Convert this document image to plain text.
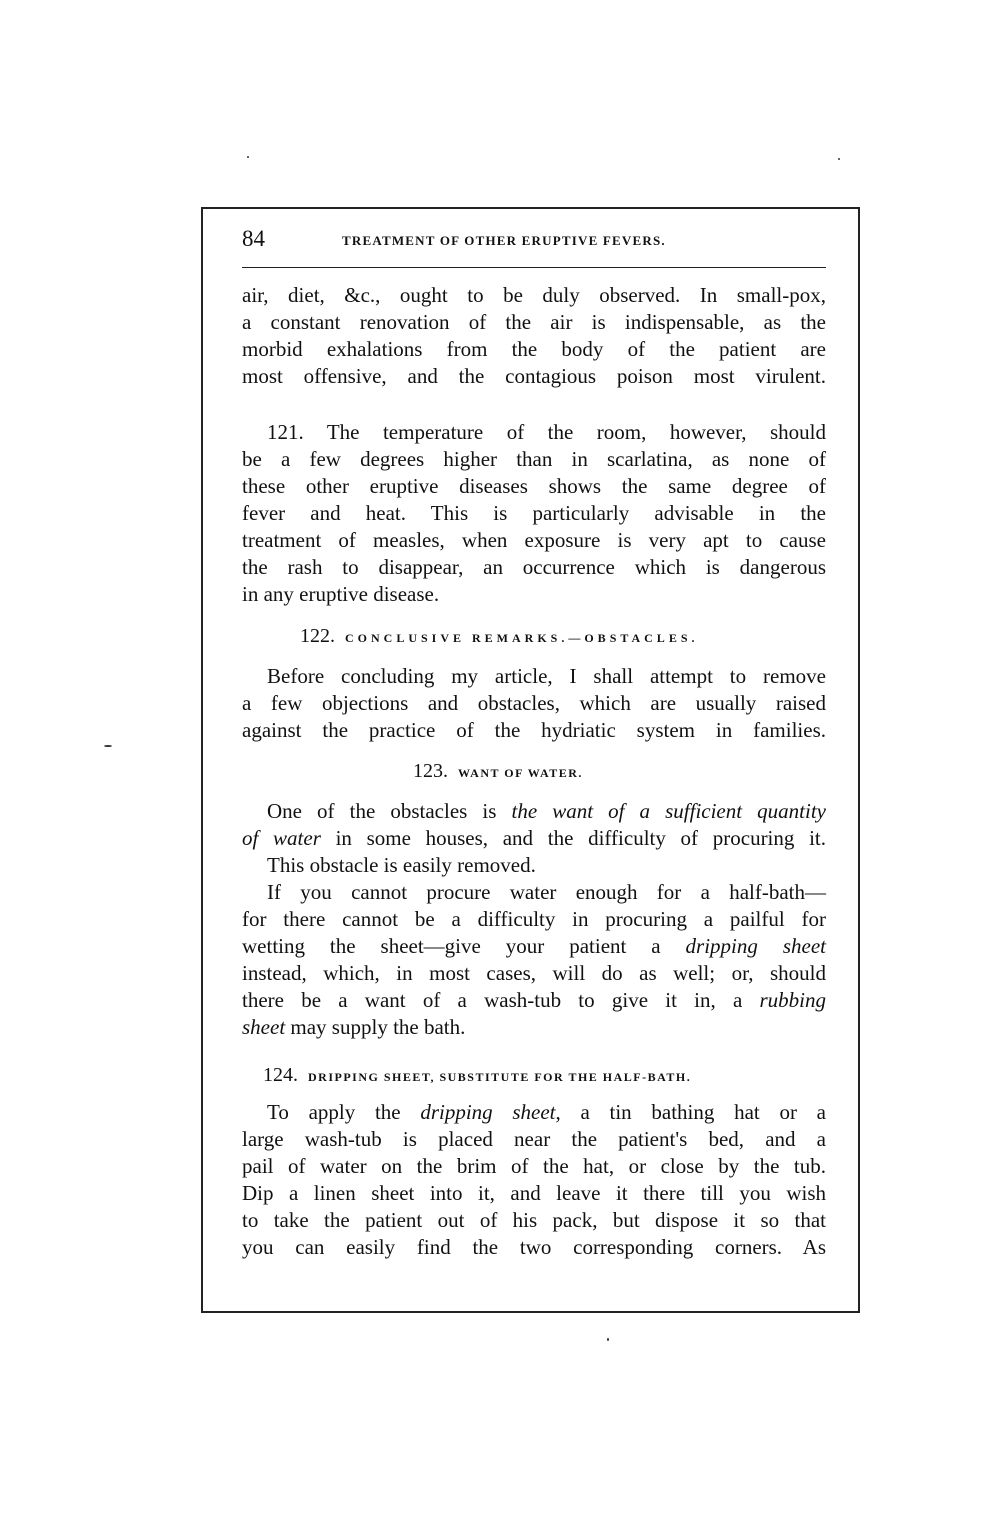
84	TREATMENT OF OTHER ERUPTIVE FEVERS.
air, diet, &c., ought to be duly observed. In small-pox,
a constant renovation of the air is indispensable, as the
morbid exhalations from the body of the patient are
most offensive, and the contagious poison most virulent.
121. The temperature of the room, however, should
be a few degrees higher than in scarlatina, as none of
these other eruptive diseases shows the same degree of
fever and heat. This is particularly advisable in the
treatment of measles, when exposure is very apt to cause
the rash to disappear, an occurrence which is dangerous
in any eruptive disease.
122. CONCLUSIVE REMARKS.—OBSTACLES.
Before concluding my article, I shall attempt to remove
a few objections and obstacles, which are usually raised
against the practice of the hydriatic system in families.
123. WANT OF WATER.
One of the obstacles is the want of a sufficient quantity
of water in some houses, and the difficulty of procuring it.
This obstacle is easily removed.
If you cannot procure water enough for a half-bath—
for there cannot be a difficulty in procuring a pailful for
wetting the sheet—give your patient a dripping sheet
instead, which, in most cases, will do as well; or, should
there be a want of a wash-tub to give it in, a rubbing
sheet may supply the bath.
124. DRIPPING SHEET, SUBSTITUTE FOR THE HALF-BATH.
To apply the dripping sheet, a tin bathing hat or a
large wash-tub is placed near the patient's bed, and a
pail of water on the brim of the hat, or close by the tub.
Dip a linen sheet into it, and leave it there till you wish
to take the patient out of his pack, but dispose it so that
you can easily find the two corresponding corners. As
